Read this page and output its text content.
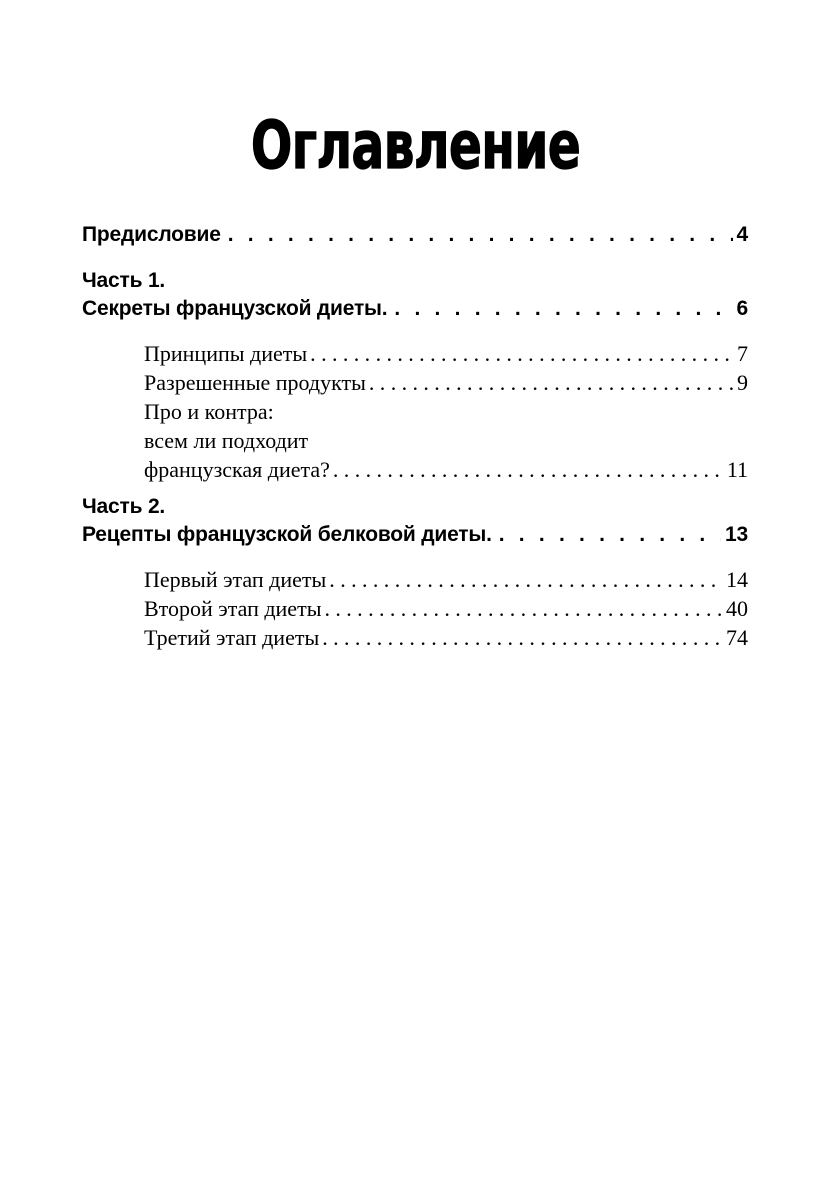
Оглавление
Предисловие . . .	4
Часть 1.
Секреты французской диеты. . . .	6
Принципы диеты .....	7
Разрешенные продукты .....	9
Про и контра:
всем ли подходит
французская диета? .....	11
Часть 2.
Рецепты французской белковой диеты. . . .	13
Первый этап диеты .....	14
Второй этап диеты .....	40
Третий этап диеты .....	74
